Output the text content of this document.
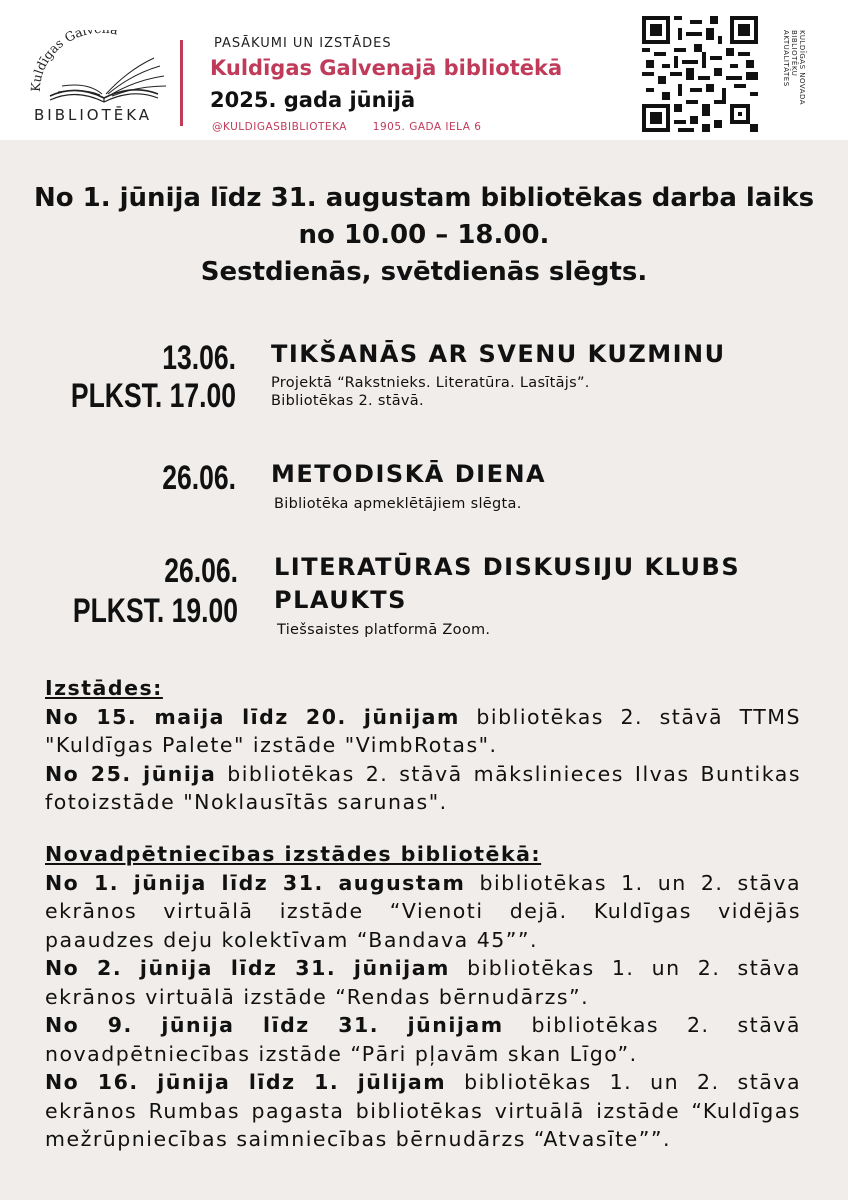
Kuldīgas Gal
BIBLIOTĒKA
PASĀKUMI UN IZSTĀDES
Kuldīgas Galvenajā bibliotēkā
2025. gada jūnijā
@KULDIGASBIBLIOTEKA 1905. GADA IELA 6
KULDĪGAS NOVADA BIBLIOTĒKU AKTUALITĀTES
No 1. jūnija līdz 31. augustam bibliotēkas darba laiks
no 10.00 – 18.00.
Sestdienās, svētdienās slēgts.
13.06.
PLKST. 17.00
TIKŠANĀS AR SVENU KUZMINU
Projektā “Rakstnieks. Literatūra. Lasītājs”.
Bibliotēkas 2. stāvā.
26.06. METODISKĀ DIENA
Bibliotēka apmeklētājiem slēgta.
26.06.
PLKST. 19.00
LITERATŪRAS DISKUSIJU KLUBS
PLAUKTS
Tiešsaistes platformā Zoom.

Izstādes:

No 15. maija līdz 20. jūnijam bibliotēkas 2. stāvā TTMS "Kuldīgas Palete" izstāde "VimbRotas".

No 25. jūnija bibliotēkas 2. stāvā mākslinieces Ilvas Buntikas fotoizstāde "Noklausītās sarunas".

Novadpētniecības izstādes bibliotēkā:

No 1. jūnija līdz 31. augustam bibliotēkas 1. un 2. stāva ekrānos virtuālā izstāde “Vienoti dejā. Kuldīgas vidējās paaudzes deju kolektīvam “Bandava 45””.

No 2. jūnija līdz 31. jūnijam bibliotēkas 1. un 2. stāva ekrānos virtuālā izstāde “Rendas bērnudārzs”.

No 9. jūnija līdz 31. jūnijam bibliotēkas 2. stāvā novadpētniecības izstāde “Pāri pļavām skan Līgo”.

No 16. jūnija līdz 1. jūlijam bibliotēkas 1. un 2. stāva ekrānos Rumbas pagasta bibliotēkas virtuālā izstāde “Kuldīgas mežrūpniecības saimniecības bērnudārzs “Atvasīte””.
